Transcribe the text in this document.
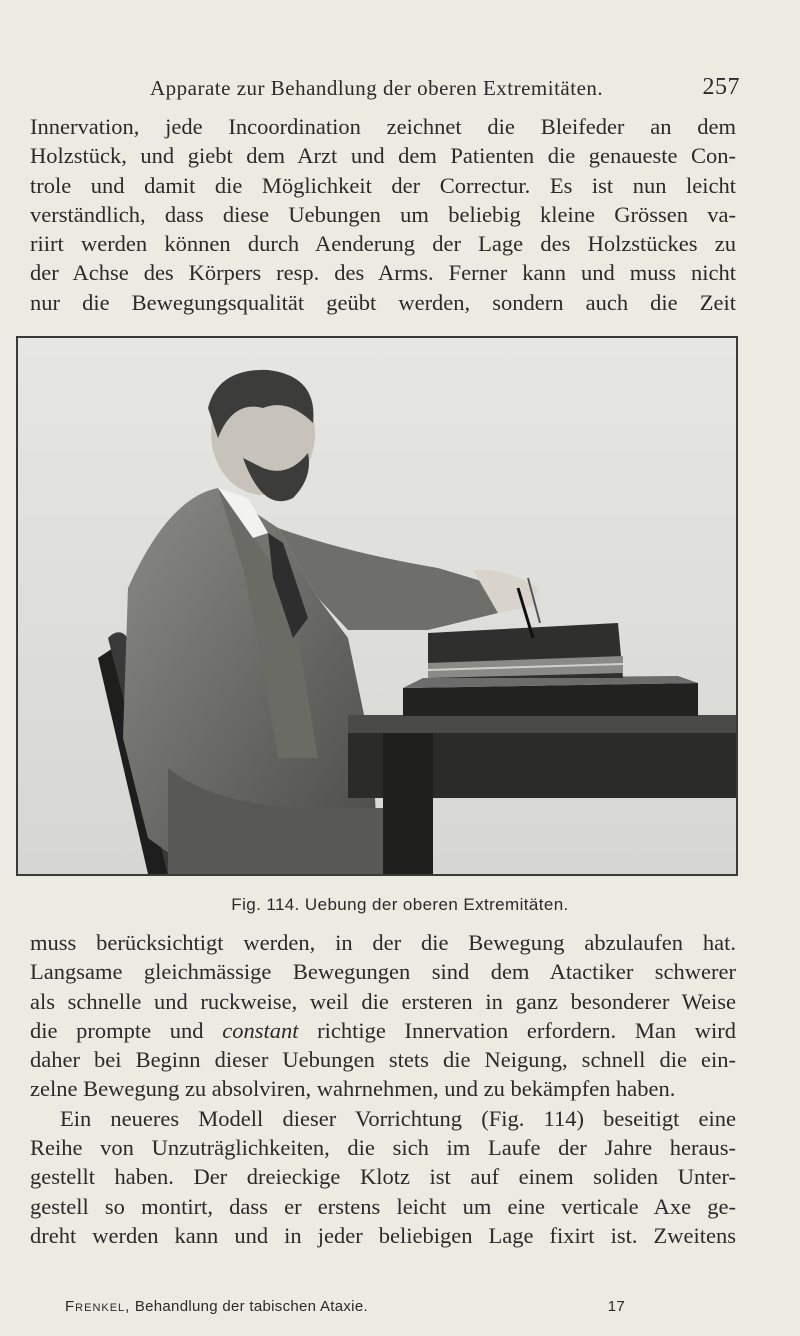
Apparate zur Behandlung der oberen Extremitäten.	257
Innervation, jede Incoordination zeichnet die Bleifeder an dem
Holzstück, und giebt dem Arzt und dem Patienten die genaueste Con-
trole und damit die Möglichkeit der Correctur. Es ist nun leicht
verständlich, dass diese Uebungen um beliebig kleine Grössen va-
riirt werden können durch Aenderung der Lage des Holzstückes zu
der Achse des Körpers resp. des Arms. Ferner kann und muss nicht
nur die Bewegungsqualität geübt werden, sondern auch die Zeit
Fig. 114. Uebung der oberen Extremitäten.
muss berücksichtigt werden, in der die Bewegung abzulaufen hat.
Langsame gleichmässige Bewegungen sind dem Atactiker schwerer
als schnelle und ruckweise, weil die ersteren in ganz besonderer Weise
die prompte und constant richtige Innervation erfordern. Man wird
daher bei Beginn dieser Uebungen stets die Neigung, schnell die ein-
zelne Bewegung zu absolviren, wahrnehmen, und zu bekämpfen haben.
Ein neueres Modell dieser Vorrichtung (Fig. 114) beseitigt eine
Reihe von Unzuträglichkeiten, die sich im Laufe der Jahre heraus-
gestellt haben. Der dreieckige Klotz ist auf einem soliden Unter-
gestell so montirt, dass er erstens leicht um eine verticale Axe ge-
dreht werden kann und in jeder beliebigen Lage fixirt ist. Zweitens
Frenkel, Behandlung der tabischen Ataxie.	17
